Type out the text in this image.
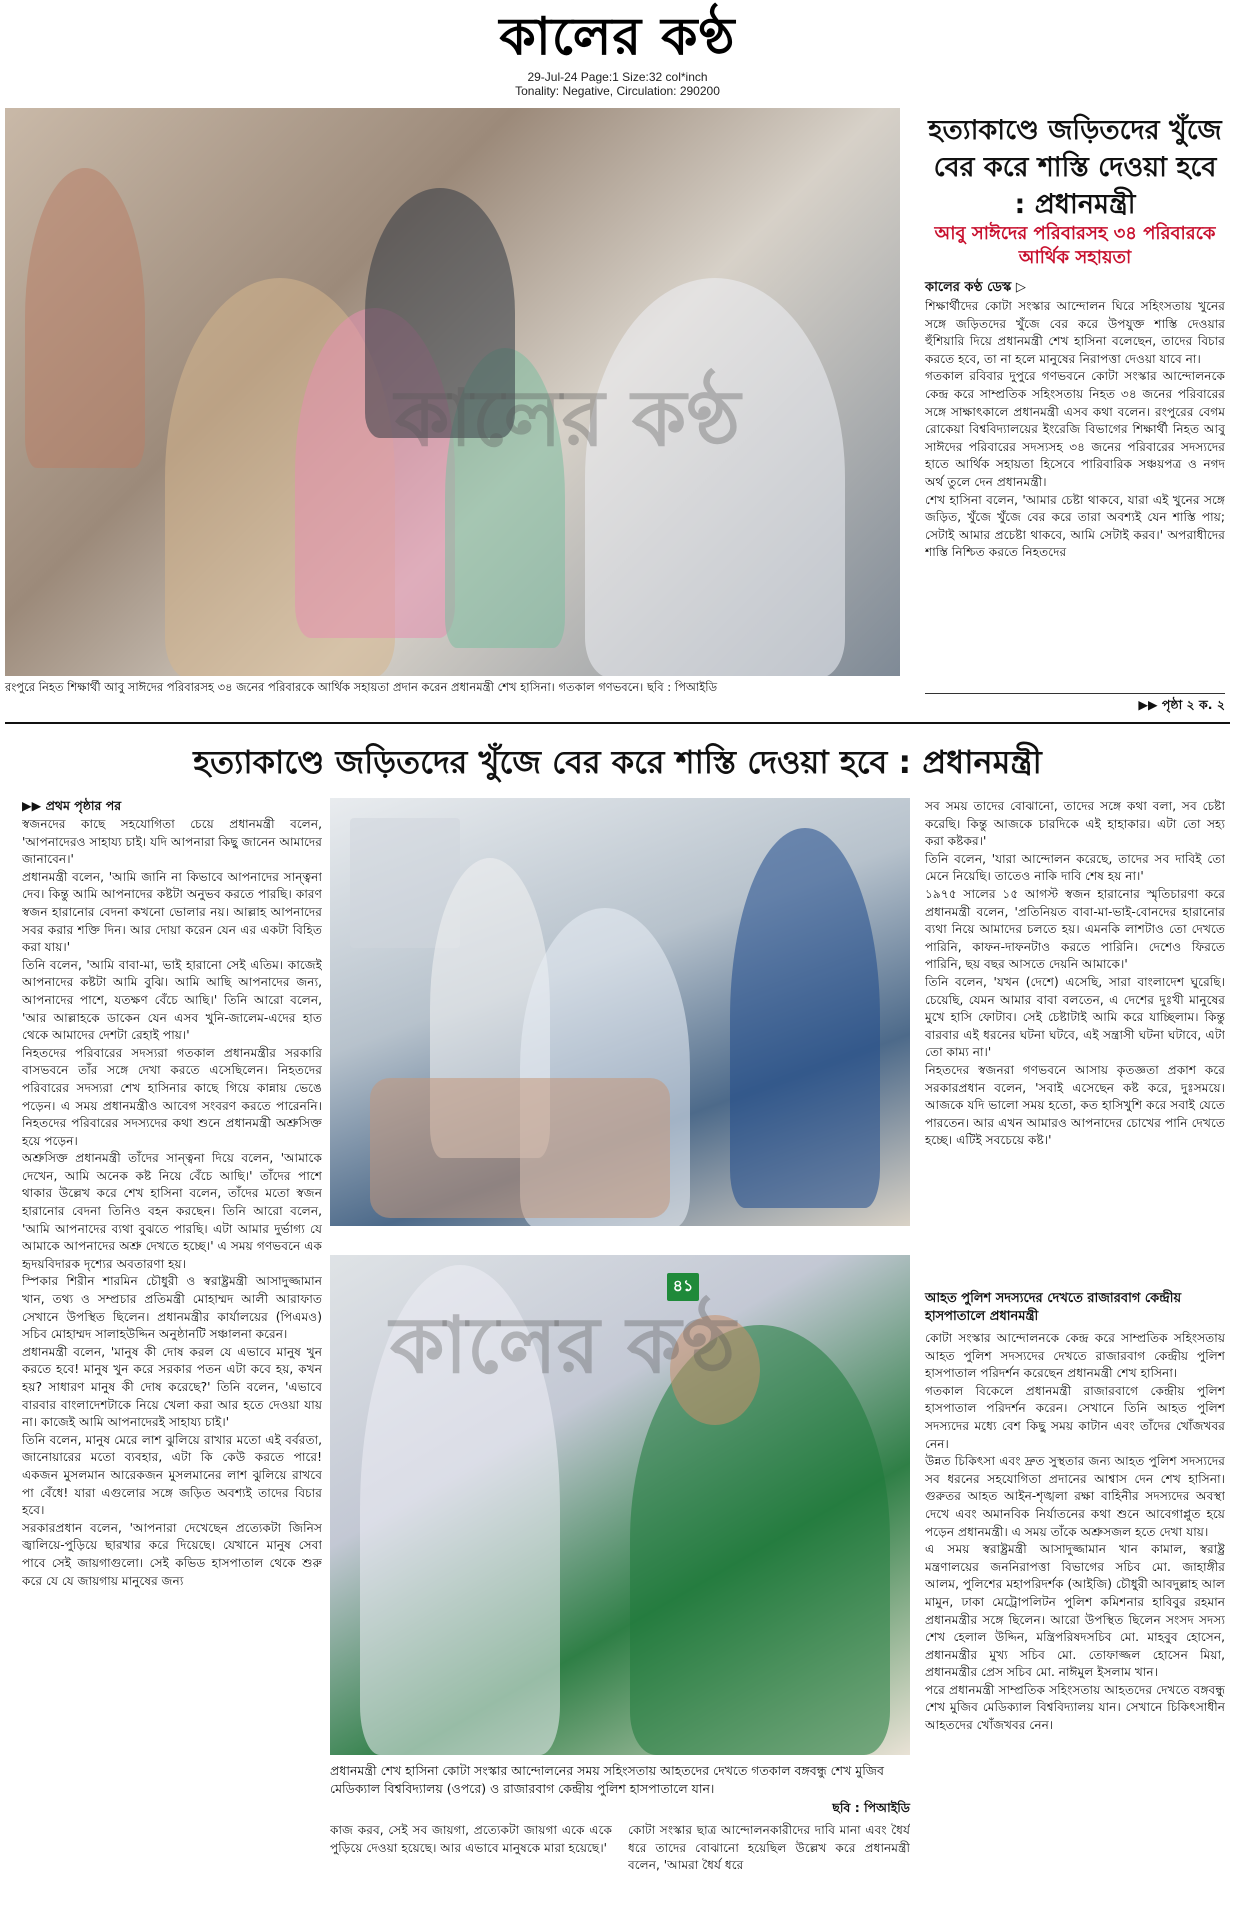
কালের কণ্ঠ
29-Jul-24 Page:1 Size:32 col*inch
Tonality: Negative, Circulation: 290200
কালের কণ্ঠ
রংপুরে নিহত শিক্ষার্থী আবু সাঈদের পরিবারসহ ৩৪ জনের পরিবারকে আর্থিক সহায়তা প্রদান করেন প্রধানমন্ত্রী শেখ হাসিনা। গতকাল গণভবনে। ছবি : পিআইডি
হত্যাকাণ্ডে জড়িতদের খুঁজে বের করে শাস্তি দেওয়া হবে : প্রধানমন্ত্রী
আবু সাঈদের পরিবারসহ ৩৪ পরিবারকে আর্থিক সহায়তা
কালের কণ্ঠ ডেস্ক ▷

শিক্ষার্থীদের কোটা সংস্কার আন্দোলন ঘিরে সহিংসতায় খুনের সঙ্গে জড়িতদের খুঁজে বের করে উপযুক্ত শাস্তি দেওয়ার হুঁশিয়ারি দিয়ে প্রধানমন্ত্রী শেখ হাসিনা বলেছেন, তাদের বিচার করতে হবে, তা না হলে মানুষের নিরাপত্তা দেওয়া যাবে না।

গতকাল রবিবার দুপুরে গণভবনে কোটা সংস্কার আন্দোলনকে কেন্দ্র করে সাম্প্রতিক সহিংসতায় নিহত ৩৪ জনের পরিবারের সঙ্গে সাক্ষাৎকালে প্রধানমন্ত্রী এসব কথা বলেন। রংপুরের বেগম রোকেয়া বিশ্ববিদ্যালয়ের ইংরেজি বিভাগের শিক্ষার্থী নিহত আবু সাঈদের পরিবারের সদস্যসহ ৩৪ জনের পরিবারের সদস্যদের হাতে আর্থিক সহায়তা হিসেবে পারিবারিক সঞ্চয়পত্র ও নগদ অর্থ তুলে দেন প্রধানমন্ত্রী।

শেখ হাসিনা বলেন, 'আমার চেষ্টা থাকবে, যারা এই খুনের সঙ্গে জড়িত, খুঁজে খুঁজে বের করে তারা অবশ্যই যেন শাস্তি পায়; সেটাই আমার প্রচেষ্টা থাকবে, আমি সেটাই করব।' অপরাধীদের শাস্তি নিশ্চিত করতে নিহতদের

▶▶ পৃষ্ঠা ২ ক. ২
হত্যাকাণ্ডে জড়িতদের খুঁজে বের করে শাস্তি দেওয়া হবে : প্রধানমন্ত্রী
▶▶ প্রথম পৃষ্ঠার পর

স্বজনদের কাছে সহযোগিতা চেয়ে প্রধানমন্ত্রী বলেন, 'আপনাদেরও সাহায্য চাই। যদি আপনারা কিছু জানেন আমাদের জানাবেন।'

প্রধানমন্ত্রী বলেন, 'আমি জানি না কিভাবে আপনাদের সান্ত্বনা দেব। কিন্তু আমি আপনাদের কষ্টটা অনুভব করতে পারছি। কারণ স্বজন হারানোর বেদনা কখনো ভোলার নয়। আল্লাহ আপনাদের সবর করার শক্তি দিন। আর দোয়া করেন যেন এর একটা বিহিত করা যায়।'

তিনি বলেন, 'আমি বাবা-মা, ভাই হারানো সেই এতিম। কাজেই আপনাদের কষ্টটা আমি বুঝি। আমি আছি আপনাদের জন্য, আপনাদের পাশে, যতক্ষণ বেঁচে আছি।' তিনি আরো বলেন, 'আর আল্লাহকে ডাকেন যেন এসব খুনি-জালেম-এদের হাত থেকে আমাদের দেশটা রেহাই পায়।'

নিহতদের পরিবারের সদস্যরা গতকাল প্রধানমন্ত্রীর সরকারি বাসভবনে তাঁর সঙ্গে দেখা করতে এসেছিলেন। নিহতদের পরিবারের সদস্যরা শেখ হাসিনার কাছে গিয়ে কান্নায় ভেঙে পড়েন। এ সময় প্রধানমন্ত্রীও আবেগ সংবরণ করতে পারেননি। নিহতদের পরিবারের সদস্যদের কথা শুনে প্রধানমন্ত্রী অশ্রুসিক্ত হয়ে পড়েন।

অশ্রুসিক্ত প্রধানমন্ত্রী তাঁদের সান্ত্বনা দিয়ে বলেন, 'আমাকে দেখেন, আমি অনেক কষ্ট নিয়ে বেঁচে আছি।' তাঁদের পাশে থাকার উল্লেখ করে শেখ হাসিনা বলেন, তাঁদের মতো স্বজন হারানোর বেদনা তিনিও বহন করছেন। তিনি আরো বলেন, 'আমি আপনাদের ব্যথা বুঝতে পারছি। এটা আমার দুর্ভাগ্য যে আমাকে আপনাদের অশ্রু দেখতে হচ্ছে।' এ সময় গণভবনে এক হৃদয়বিদারক দৃশ্যের অবতারণা হয়।

স্পিকার শিরীন শারমিন চৌধুরী ও স্বরাষ্ট্রমন্ত্রী আসাদুজ্জামান খান, তথ্য ও সম্প্রচার প্রতিমন্ত্রী মোহাম্মদ আলী আরাফাত সেখানে উপস্থিত ছিলেন। প্রধানমন্ত্রীর কার্যালয়ের (পিএমও) সচিব মোহাম্মদ সালাহউদ্দিন অনুষ্ঠানটি সঞ্চালনা করেন।

প্রধানমন্ত্রী বলেন, 'মানুষ কী দোষ করল যে এভাবে মানুষ খুন করতে হবে! মানুষ খুন করে সরকার পতন এটা কবে হয়, কখন হয়? সাধারণ মানুষ কী দোষ করেছে?' তিনি বলেন, 'এভাবে বারবার বাংলাদেশটাকে নিয়ে খেলা করা আর হতে দেওয়া যায় না। কাজেই আমি আপনাদেরই সাহায্য চাই।'

তিনি বলেন, মানুষ মেরে লাশ ঝুলিয়ে রাখার মতো এই বর্বরতা, জানোয়ারের মতো ব্যবহার, এটা কি কেউ করতে পারে! একজন মুসলমান আরেকজন মুসলমানের লাশ ঝুলিয়ে রাখবে পা বেঁধে! যারা এগুলোর সঙ্গে জড়িত অবশ্যই তাদের বিচার হবে।

সরকারপ্রধান বলেন, 'আপনারা দেখেছেন প্রত্যেকটা জিনিস জ্বালিয়ে-পুড়িয়ে ছারখার করে দিয়েছে। যেখানে মানুষ সেবা পাবে সেই জায়গাগুলো। সেই কভিড হাসপাতাল থেকে শুরু করে যে যে জায়গায় মানুষের জন্য

কালের কণ্ঠ
৪১
প্রধানমন্ত্রী শেখ হাসিনা কোটা সংস্কার আন্দোলনের সময় সহিংসতায় আহতদের দেখতে গতকাল বঙ্গবন্ধু শেখ মুজিব মেডিক্যাল বিশ্ববিদ্যালয় (ওপরে) ও রাজারবাগ কেন্দ্রীয় পুলিশ হাসপাতালে যান।
ছবি : পিআইডি

কাজ করব, সেই সব জায়গা, প্রত্যেকটা জায়গা একে একে পুড়িয়ে দেওয়া হয়েছে। আর এভাবে মানুষকে মারা হয়েছে।'

কোটা সংস্কার ছাত্র আন্দোলনকারীদের দাবি মানা এবং ধৈর্য ধরে তাদের বোঝানো হয়েছিল উল্লেখ করে প্রধানমন্ত্রী বলেন, 'আমরা ধৈর্য ধরে

সব সময় তাদের বোঝানো, তাদের সঙ্গে কথা বলা, সব চেষ্টা করেছি। কিন্তু আজকে চারদিকে এই হাহাকার। এটা তো সহ্য করা কষ্টকর।'

তিনি বলেন, 'যারা আন্দোলন করেছে, তাদের সব দাবিই তো মেনে নিয়েছি। তাতেও নাকি দাবি শেষ হয় না।'

১৯৭৫ সালের ১৫ আগস্ট স্বজন হারানোর স্মৃতিচারণা করে প্রধানমন্ত্রী বলেন, 'প্রতিনিয়ত বাবা-মা-ভাই-বোনদের হারানোর ব্যথা নিয়ে আমাদের চলতে হয়। এমনকি লাশটাও তো দেখতে পারিনি, কাফন-দাফনটাও করতে পারিনি। দেশেও ফিরতে পারিনি, ছয় বছর আসতে দেয়নি আমাকে।'

তিনি বলেন, 'যখন (দেশে) এসেছি, সারা বাংলাদেশ ঘুরেছি। চেয়েছি, যেমন আমার বাবা বলতেন, এ দেশের দুঃখী মানুষের মুখে হাসি ফোটাব। সেই চেষ্টাটাই আমি করে যাচ্ছিলাম। কিন্তু বারবার এই ধরনের ঘটনা ঘটবে, এই সন্ত্রাসী ঘটনা ঘটাবে, এটা তো কাম্য না।'

নিহতদের স্বজনরা গণভবনে আসায় কৃতজ্ঞতা প্রকাশ করে সরকারপ্রধান বলেন, 'সবাই এসেছেন কষ্ট করে, দুঃসময়ে। আজকে যদি ভালো সময় হতো, কত হাসিখুশি করে সবাই যেতে পারতেন। আর এখন আমারও আপনাদের চোখের পানি দেখতে হচ্ছে। এটিই সবচেয়ে কষ্ট।'

আহত পুলিশ সদস্যদের দেখতে রাজারবাগ কেন্দ্রীয় হাসপাতালে প্রধানমন্ত্রী

কোটা সংস্কার আন্দোলনকে কেন্দ্র করে সাম্প্রতিক সহিংসতায় আহত পুলিশ সদস্যদের দেখতে রাজারবাগ কেন্দ্রীয় পুলিশ হাসপাতাল পরিদর্শন করেছেন প্রধানমন্ত্রী শেখ হাসিনা।

গতকাল বিকেলে প্রধানমন্ত্রী রাজারবাগে কেন্দ্রীয় পুলিশ হাসপাতাল পরিদর্শন করেন। সেখানে তিনি আহত পুলিশ সদস্যদের মধ্যে বেশ কিছু সময় কাটান এবং তাঁদের খোঁজখবর নেন।

উন্নত চিকিৎসা এবং দ্রুত সুস্থতার জন্য আহত পুলিশ সদস্যদের সব ধরনের সহযোগিতা প্রদানের আশ্বাস দেন শেখ হাসিনা। গুরুতর আহত আইন-শৃঙ্খলা রক্ষা বাহিনীর সদস্যদের অবস্থা দেখে এবং অমানবিক নির্যাতনের কথা শুনে আবেগাপ্লুত হয়ে পড়েন প্রধানমন্ত্রী। এ সময় তাঁকে অশ্রুসজল হতে দেখা যায়।

এ সময় স্বরাষ্ট্রমন্ত্রী আসাদুজ্জামান খান কামাল, স্বরাষ্ট্র মন্ত্রণালয়ের জননিরাপত্তা বিভাগের সচিব মো. জাহাঙ্গীর আলম, পুলিশের মহাপরিদর্শক (আইজি) চৌধুরী আবদুল্লাহ আল মামুন, ঢাকা মেট্রোপলিটন পুলিশ কমিশনার হাবিবুর রহমান প্রধানমন্ত্রীর সঙ্গে ছিলেন। আরো উপস্থিত ছিলেন সংসদ সদস্য শেখ হেলাল উদ্দিন, মন্ত্রিপরিষদসচিব মো. মাহবুব হোসেন, প্রধানমন্ত্রীর মুখ্য সচিব মো. তোফাজ্জল হোসেন মিয়া, প্রধানমন্ত্রীর প্রেস সচিব মো. নাঈমুল ইসলাম খান।

পরে প্রধানমন্ত্রী সাম্প্রতিক সহিংসতায় আহতদের দেখতে বঙ্গবন্ধু শেখ মুজিব মেডিক্যাল বিশ্ববিদ্যালয় যান। সেখানে চিকিৎসাধীন আহতদের খোঁজখবর নেন।
